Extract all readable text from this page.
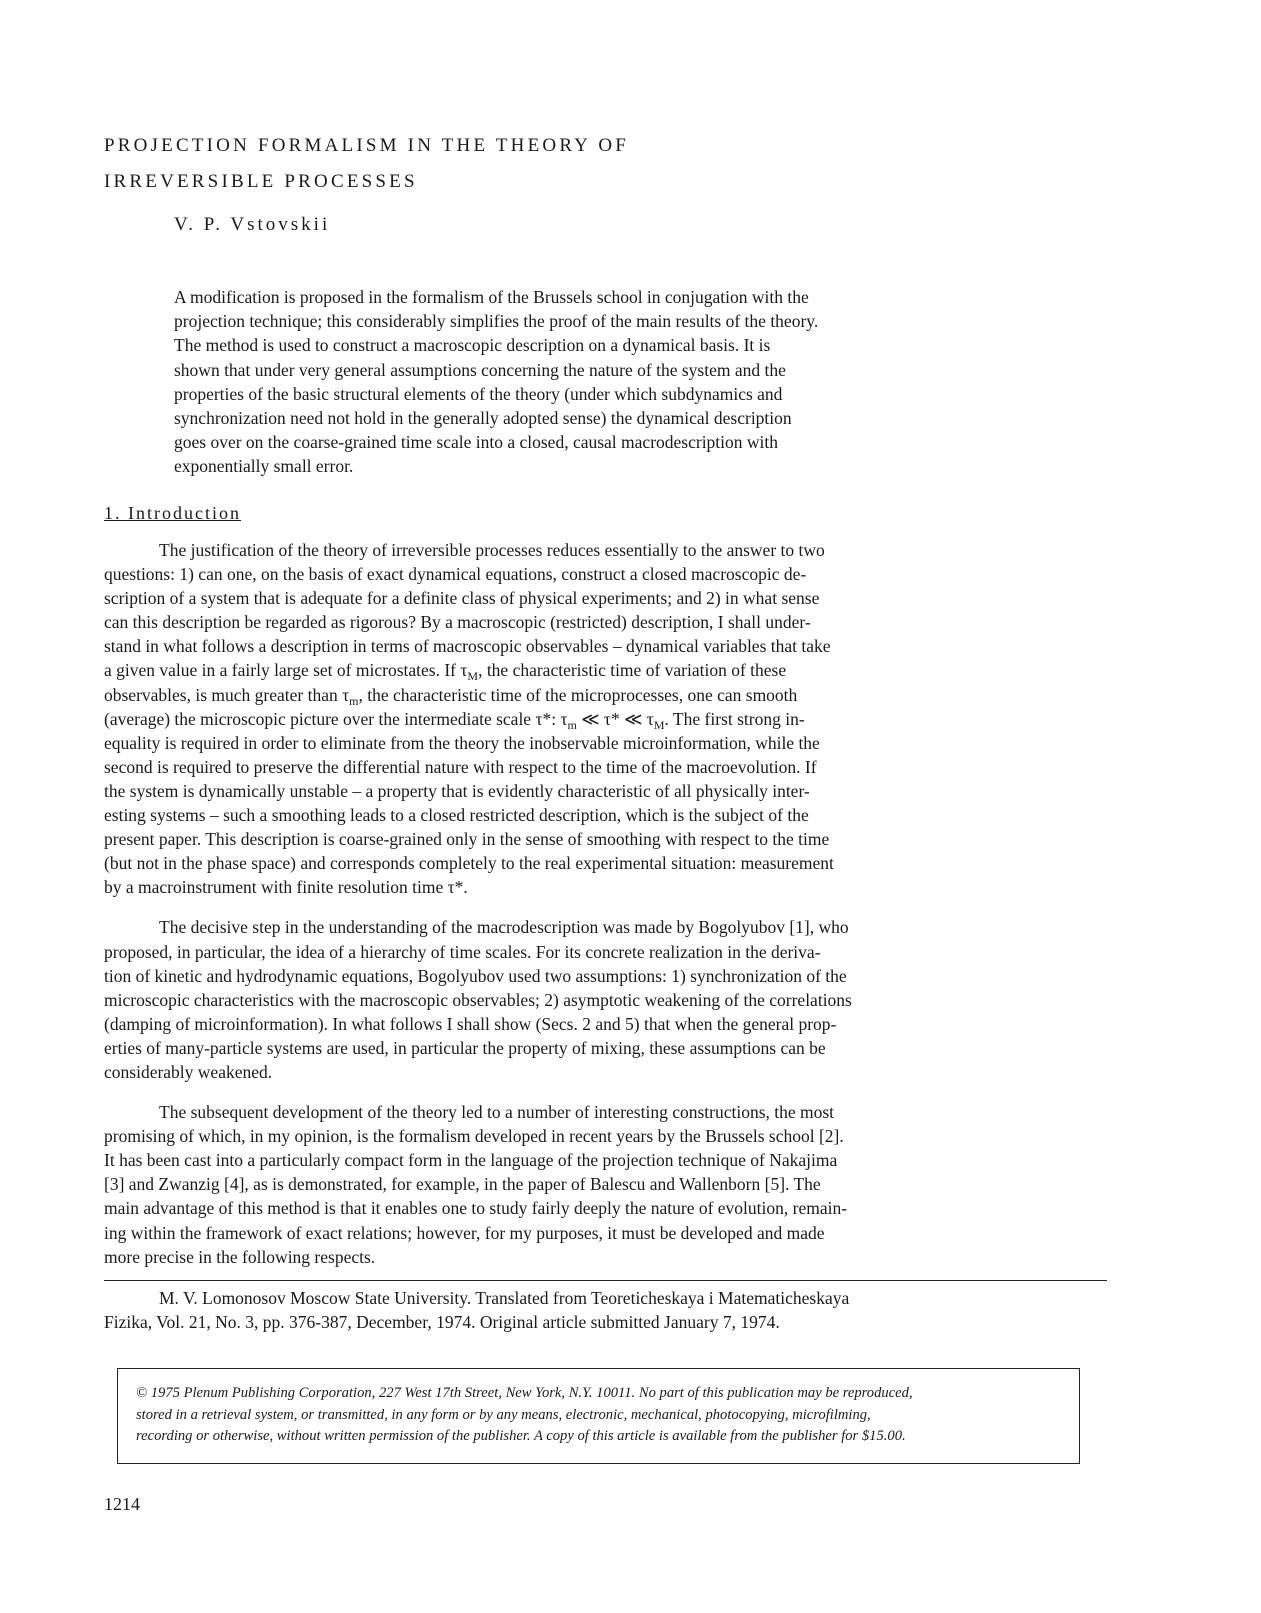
PROJECTION FORMALISM IN THE THEORY OF
IRREVERSIBLE PROCESSES
V. P. Vstovskii
A modification is proposed in the formalism of the Brussels school in conjugation with the
projection technique; this considerably simplifies the proof of the main results of the theory.
The method is used to construct a macroscopic description on a dynamical basis. It is
shown that under very general assumptions concerning the nature of the system and the
properties of the basic structural elements of the theory (under which subdynamics and
synchronization need not hold in the generally adopted sense) the dynamical description
goes over on the coarse-grained time scale into a closed, causal macrodescription with
exponentially small error.
1. Introduction
The justification of the theory of irreversible processes reduces essentially to the answer to two
questions: 1) can one, on the basis of exact dynamical equations, construct a closed macroscopic de-
scription of a system that is adequate for a definite class of physical experiments; and 2) in what sense
can this description be regarded as rigorous? By a macroscopic (restricted) description, I shall under-
stand in what follows a description in terms of macroscopic observables – dynamical variables that take
a given value in a fairly large set of microstates. If $\tau_M$, the characteristic time of variation of these
observables, is much greater than $\tau_m$, the characteristic time of the microprocesses, one can smooth
(average) the microscopic picture over the intermediate scale τ*: $\tau_m$ ≪ τ* ≪ $\tau_M$. The first strong in-
equality is required in order to eliminate from the theory the inobservable microinformation, while the
second is required to preserve the differential nature with respect to the time of the macroevolution. If
the system is dynamically unstable – a property that is evidently characteristic of all physically inter-
esting systems – such a smoothing leads to a closed restricted description, which is the subject of the
present paper. This description is coarse-grained only in the sense of smoothing with respect to the time
(but not in the phase space) and corresponds completely to the real experimental situation: measurement
by a macroinstrument with finite resolution time τ*.
The decisive step in the understanding of the macrodescription was made by Bogolyubov [1], who
proposed, in particular, the idea of a hierarchy of time scales. For its concrete realization in the deriva-
tion of kinetic and hydrodynamic equations, Bogolyubov used two assumptions: 1) synchronization of the
microscopic characteristics with the macroscopic observables; 2) asymptotic weakening of the correlations
(damping of microinformation). In what follows I shall show (Secs. 2 and 5) that when the general prop-
erties of many-particle systems are used, in particular the property of mixing, these assumptions can be
considerably weakened.
The subsequent development of the theory led to a number of interesting constructions, the most
promising of which, in my opinion, is the formalism developed in recent years by the Brussels school [2].
It has been cast into a particularly compact form in the language of the projection technique of Nakajima
[3] and Zwanzig [4], as is demonstrated, for example, in the paper of Balescu and Wallenborn [5]. The
main advantage of this method is that it enables one to study fairly deeply the nature of evolution, remain-
ing within the framework of exact relations; however, for my purposes, it must be developed and made
more precise in the following respects.
M. V. Lomonosov Moscow State University. Translated from Teoreticheskaya i Matematicheskaya
Fizika, Vol. 21, No. 3, pp. 376-387, December, 1974. Original article submitted January 7, 1974.
© 1975 Plenum Publishing Corporation, 227 West 17th Street, New York, N.Y. 10011. No part of this publication may be reproduced,
stored in a retrieval system, or transmitted, in any form or by any means, electronic, mechanical, photocopying, microfilming,
recording or otherwise, without written permission of the publisher. A copy of this article is available from the publisher for $15.00.
1214
